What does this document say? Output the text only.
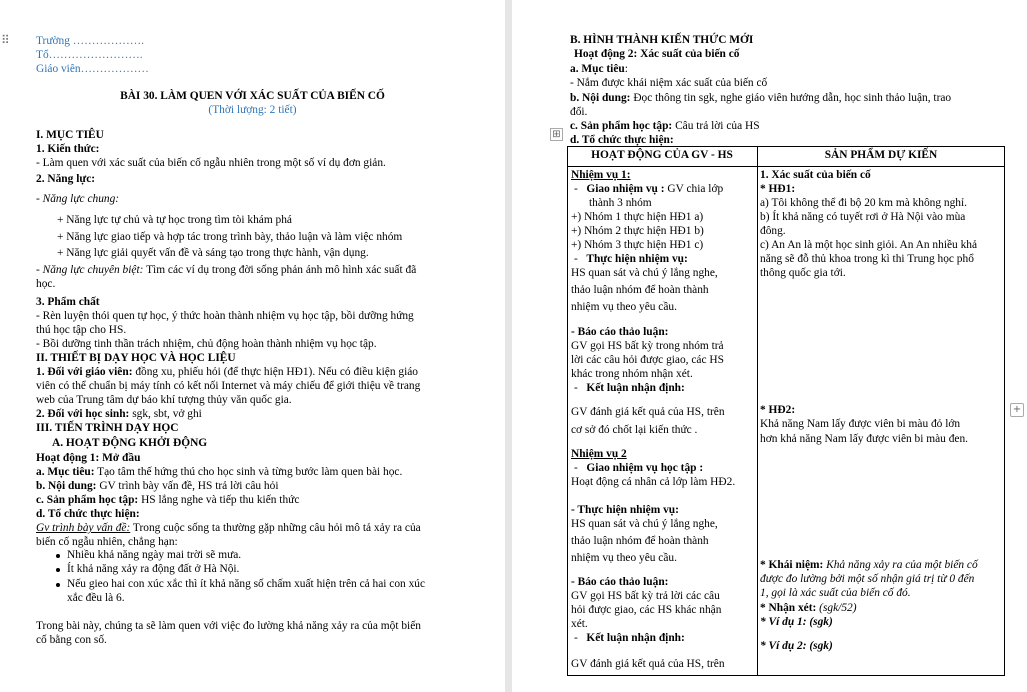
⠿ Trường ……………….
Tổ…………………….
Giáo viên………………
BÀI 30. LÀM QUEN VỚI XÁC SUẤT CỦA BIẾN CỐ
(Thời lượng: 2 tiết)
I. MỤC TIÊU
1. Kiến thức:
- Làm quen với xác suất của biến cố ngẫu nhiên trong một số ví dụ đơn giản.
2. Năng lực:
- Năng lực chung:
+ Năng lực tự chủ và tự học trong tìm tòi khám phá
+ Năng lực giao tiếp và hợp tác trong trình bày, thảo luận và làm việc nhóm
+ Năng lực giải quyết vấn đề và sáng tạo trong thực hành, vận dụng.
- Năng lực chuyên biệt: Tìm các ví dụ trong đời sống phản ánh mô hình xác suất đã
học.
3. Phẩm chất
- Rèn luyện thói quen tự học, ý thức hoàn thành nhiệm vụ học tập, bồi dưỡng hứng
thú học tập cho HS.
- Bồi dưỡng tinh thần trách nhiệm, chủ động hoàn thành nhiệm vụ học tập.
II. THIẾT BỊ DẠY HỌC VÀ HỌC LIỆU
1. Đối với giáo viên: đồng xu, phiếu hỏi (để thực hiện HĐ1). Nếu có điều kiện giáo
viên có thể chuẩn bị máy tính có kết nối Internet và máy chiếu để giới thiệu về trang
web của Trung tâm dự báo khí tượng thủy văn quốc gia.
2. Đối với học sinh: sgk, sbt, vở ghi
III. TIẾN TRÌNH DẠY HỌC
A. HOẠT ĐỘNG KHỞI ĐỘNG
Hoạt động 1: Mở đầu
a. Mục tiêu: Tạo tâm thế hứng thú cho học sinh và từng bước làm quen bài học.
b. Nội dung: GV trình bày vấn đề, HS trả lời câu hỏi
c. Sản phẩm học tập: HS lắng nghe và tiếp thu kiến thức
d. Tổ chức thực hiện:
Gv trình bày vấn đề: Trong cuộc sống ta thường gặp những câu hỏi mô tả xảy ra của
biến cố ngẫu nhiên, chẳng hạn:
Nhiều khả năng ngày mai trời sẽ mưa.
Ít khả năng xảy ra động đất ở Hà Nội.
Nếu gieo hai con xúc xắc thì ít khả năng số chấm xuất hiện trên cả hai con xúc
xắc đều là 6.
Trong bài này, chúng ta sẽ làm quen với việc đo lường khả năng xảy ra của một biến
cố bằng con số.
B. HÌNH THÀNH KIẾN THỨC MỚI
Hoạt động 2: Xác suất của biến cố
a. Mục tiêu:
- Nắm được khái niệm xác suất của biến cố
b. Nội dung: Đọc thông tin sgk, nghe giáo viên hướng dẫn, học sinh thảo luận, trao
đổi.
c. Sản phẩm học tập: Câu trả lời của HS
d. Tổ chức thực hiện:
⊞
+
HOẠT ĐỘNG CỦA GV - HS	SẢN PHẨM DỰ KIẾN
Nhiệm vụ 1:
-   Giao nhiệm vụ : GV chia lớp
thành 3 nhóm
+) Nhóm 1 thực hiện HĐ1 a)
+) Nhóm 2 thực hiện HĐ1 b)
+) Nhóm 3 thực hiện HĐ1 c)
-   Thực hiện nhiệm vụ:
HS quan sát và chú ý lắng nghe,
thảo luận nhóm để hoàn thành
nhiệm vụ theo yêu cầu.
- Báo cáo thảo luận:
GV gọi HS bất kỳ trong nhóm trả
lời các câu hỏi được giao, các HS
khác trong nhóm nhận xét.
-   Kết luận nhận định:
GV đánh giá kết quả của HS, trên
cơ sở đó chốt lại kiến thức .
Nhiệm vụ 2
-   Giao nhiệm vụ học tập :
Hoạt động cá nhân cả lớp làm HĐ2.
- Thực hiện nhiệm vụ:
HS quan sát và chú ý lắng nghe,
thảo luận nhóm để hoàn thành
nhiệm vụ theo yêu cầu.
- Báo cáo thảo luận:
GV gọi HS bất kỳ trả lời các câu
hỏi được giao, các HS khác nhận
xét.
-   Kết luận nhận định:
GV đánh giá kết quả của HS, trên
1. Xác suất của biến cố
* HĐ1:
a) Tôi không thể đi bộ 20 km mà không nghỉ.
b) Ít khả năng có tuyết rơi ở Hà Nội vào mùa
đông.
c) An An là một học sinh giỏi. An An nhiều khả
năng sẽ đỗ thủ khoa trong kì thi Trung học phổ
thông quốc gia tới.
* HĐ2:
Khả năng Nam lấy được viên bi màu đỏ lớn
hơn khả năng Nam lấy được viên bi màu đen.
* Khái niệm: Khả năng xảy ra của một biến cố
được đo lường bởi một số nhận giá trị từ 0 đến
1, gọi là xác suất của biến cố đó.
* Nhận xét: (sgk/52)
* Ví dụ 1: (sgk)
* Ví dụ 2: (sgk)
